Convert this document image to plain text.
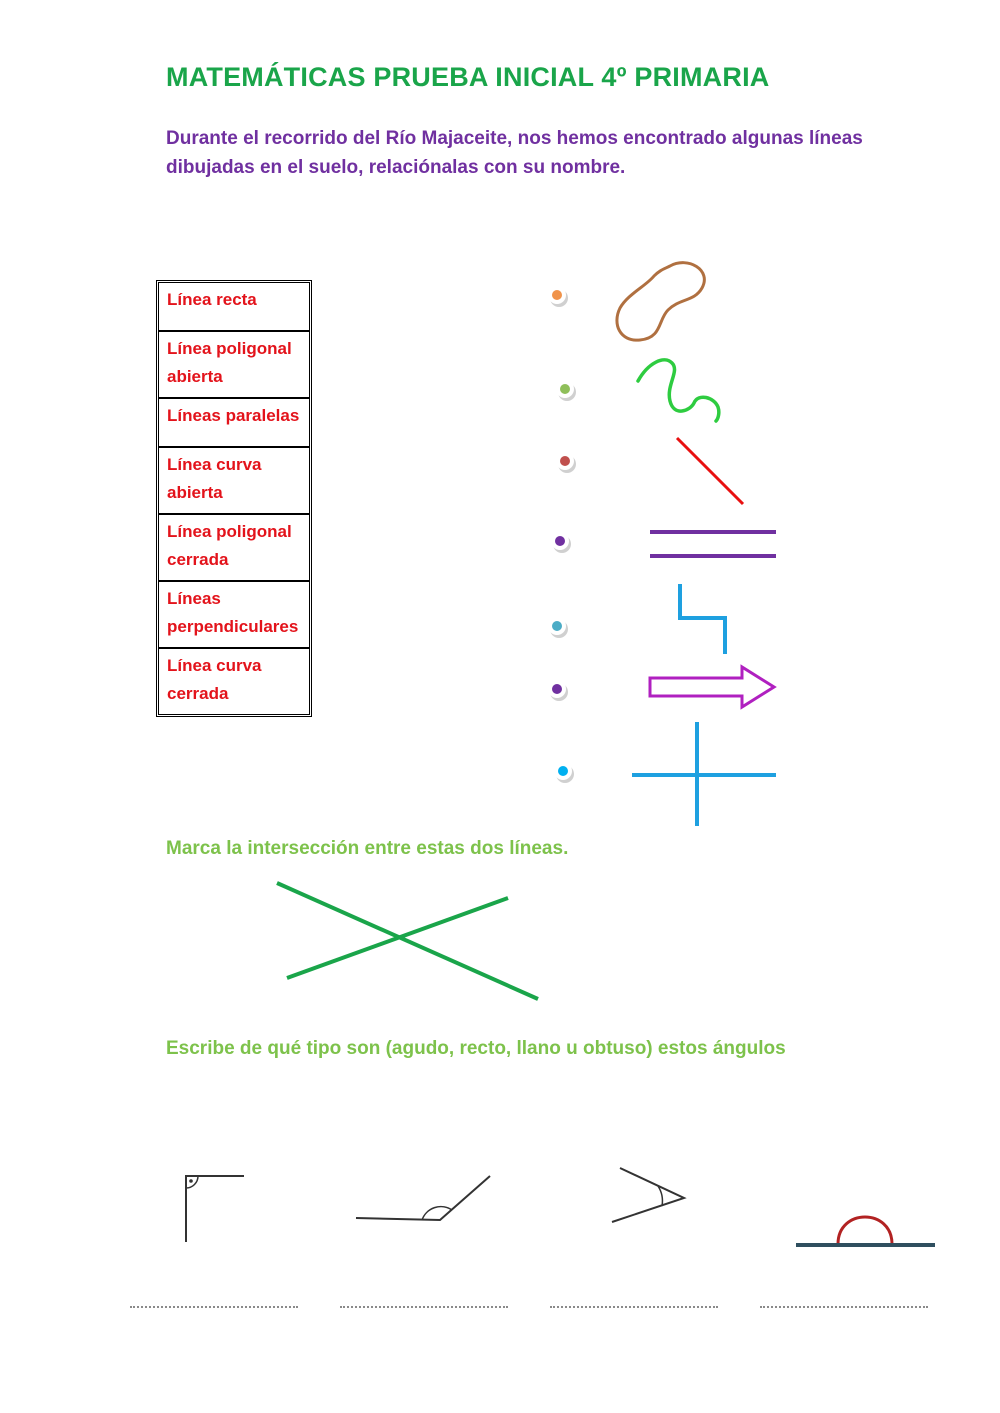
MATEMÁTICAS PRUEBA INICIAL 4º PRIMARIA
Durante el recorrido del Río Majaceite, nos hemos encontrado algunas líneas dibujadas en el suelo, relaciónalas con su nombre.
Línea recta
Línea poligonal abierta
Líneas paralelas
Línea curva abierta
Línea poligonal cerrada
Líneas perpendiculares
Línea curva cerrada
Marca la intersección entre estas dos líneas.
Escribe de qué tipo son (agudo, recto, llano u obtuso) estos ángulos
